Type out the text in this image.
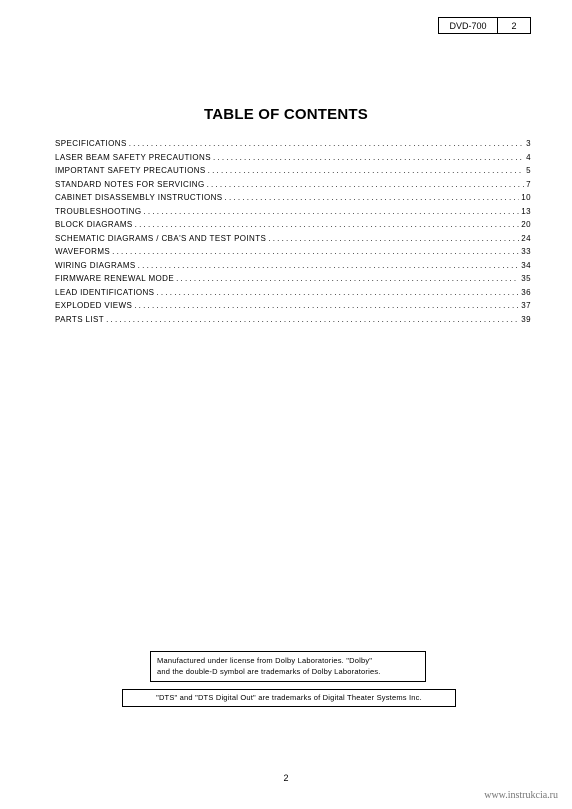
DVD-700	2
TABLE OF CONTENTS
SPECIFICATIONS . . .	3
LASER BEAM SAFETY PRECAUTIONS . . .	4
IMPORTANT SAFETY PRECAUTIONS . . .	5
STANDARD NOTES FOR SERVICING . . .	7
CABINET DISASSEMBLY INSTRUCTIONS . . .	10
TROUBLESHOOTING . . .	13
BLOCK DIAGRAMS . . .	20
SCHEMATIC DIAGRAMS / CBA'S AND TEST POINTS . . .	24
WAVEFORMS . . .	33
WIRING DIAGRAMS . . .	34
FIRMWARE RENEWAL MODE . . .	35
LEAD IDENTIFICATIONS . . .	36
EXPLODED VIEWS . . .	37
PARTS LIST . . .	39
Manufactured under license from Dolby Laboratories. "Dolby"
and the double-D symbol are trademarks of Dolby Laboratories.
"DTS" and "DTS Digital Out" are trademarks of Digital Theater Systems Inc.
2
www.instrukcia.ru
